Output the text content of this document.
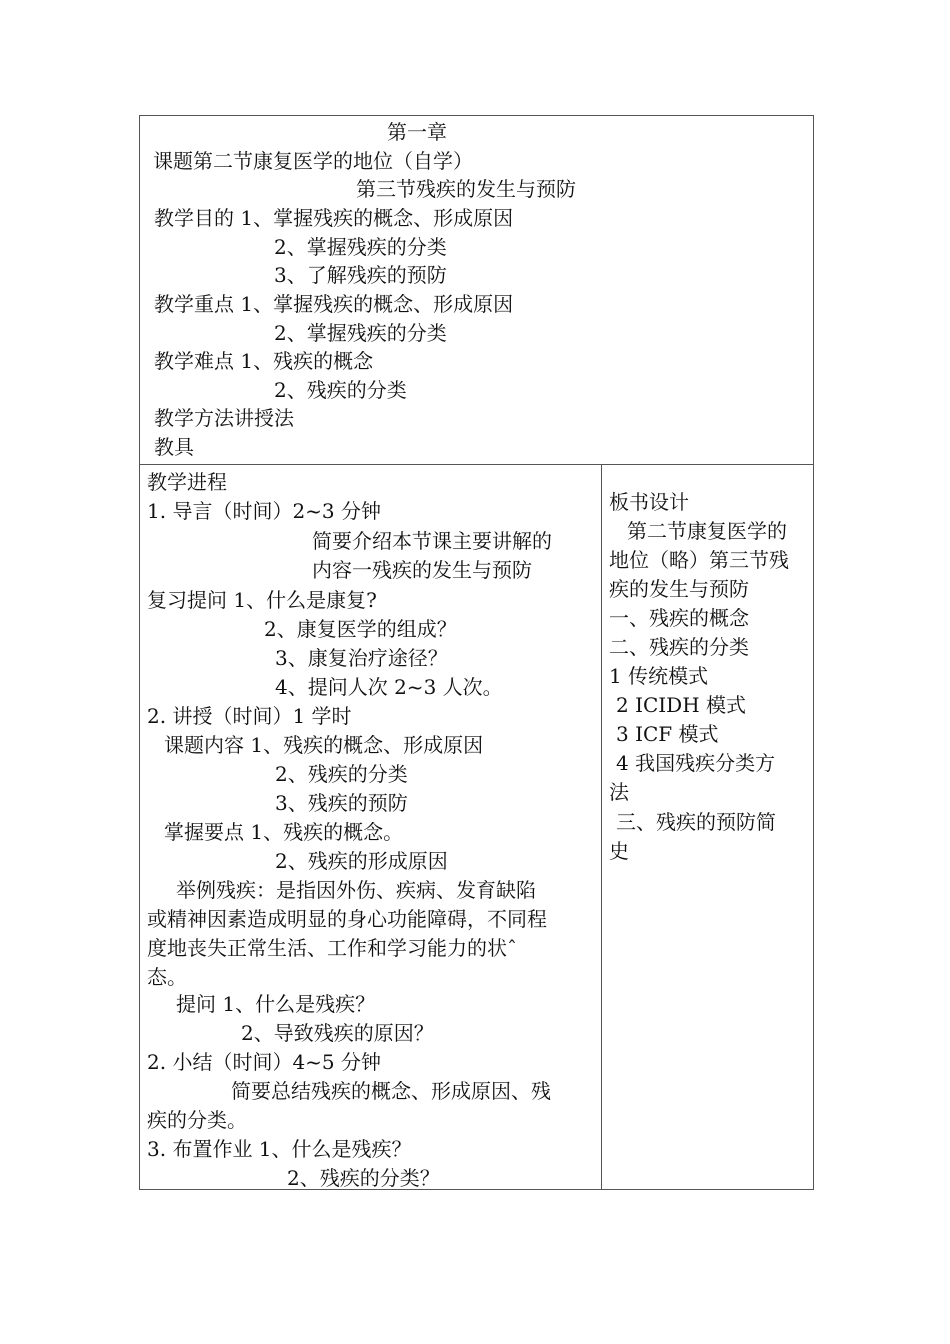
第一章
课题第二节康复医学的地位（自学）
第三节残疾的发生与预防
教学目的 1、掌握残疾的概念、形成原因
2、掌握残疾的分类
3、了解残疾的预防
教学重点 1、掌握残疾的概念、形成原因
2、掌握残疾的分类
教学难点 1、残疾的概念
2、残疾的分类
教学方法讲授法
教具
教学进程
1. 导言（时间）2~3 分钟
简要介绍本节课主要讲解的
内容一残疾的发生与预防
复习提问 1、什么是康复?
2、康复医学的组成？
3、康复治疗途径？
4、提问人次 2~3 人次。
2. 讲授（时间）1 学时
课题内容 1、残疾的概念、形成原因
2、残疾的分类
3、残疾的预防
掌握要点 1、残疾的概念。
2、残疾的形成原因
举例残疾：是指因外伤、疾病、发育缺陷
或精神因素造成明显的身心功能障碍，不同程
度地丧失正常生活、工作和学习能力的状ˆ
态。
提问 1、什么是残疾？
2、导致残疾的原因？
2. 小结（时间）4~5 分钟
简要总结残疾的概念、形成原因、残
疾的分类。
3. 布置作业 1、什么是残疾？
2、残疾的分类？
板书设计
第二节康复医学的
地位（略）第三节残
疾的发生与预防
一、残疾的概念
二、残疾的分类
1 传统模式
2 ICIDH 模式
3 ICF 模式
4 我国残疾分类方
法
三、残疾的预防简
史
